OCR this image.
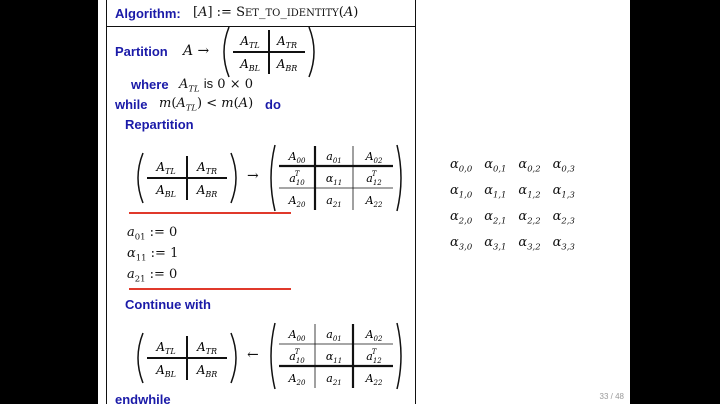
Algorithm: [A] := SET_TO_IDENTITY(A)
Partition A →
$A_{TL}$ $A_{TR}$
$A_{BL}$ $A_{BR}$
where $A_{TL}$ is 0 × 0
while $m(A_{TL}) < m(A)$ do
Repartition
$A_{TL}$ $A_{TR}$
$A_{BL}$ $A_{BR}$
→
$A_{00}$ $a_{01}$ $A_{02}$
$a_{10}T$	$\alpha_{11}$ $a_{12}T$
$A_{20}$ $a_{21}$ $A_{22}$
$a_{01}$ := 0
$\alpha_{11}$ := 1
$a_{21}$ := 0
Continue with
$A_{TL}$ $A_{TR}$
$A_{BL}$ $A_{BR}$
←
$A_{00}$ $a_{01}$ $A_{02}$
$a_{10}T$	$\alpha_{11}$ $a_{12}T$
$A_{20}$ $a_{21}$ $A_{22}$
endwhile
$\alpha_{0,0}$	$\alpha_{0,1}$	$\alpha_{0,2}$	$\alpha_{0,3}$
$\alpha_{1,0}$	$\alpha_{1,1}$	$\alpha_{1,2}$	$\alpha_{1,3}$
$\alpha_{2,0}$	$\alpha_{2,1}$	$\alpha_{2,2}$	$\alpha_{2,3}$
$\alpha_{3,0}$	$\alpha_{3,1}$	$\alpha_{3,2}$	$\alpha_{3,3}$
33 / 48
